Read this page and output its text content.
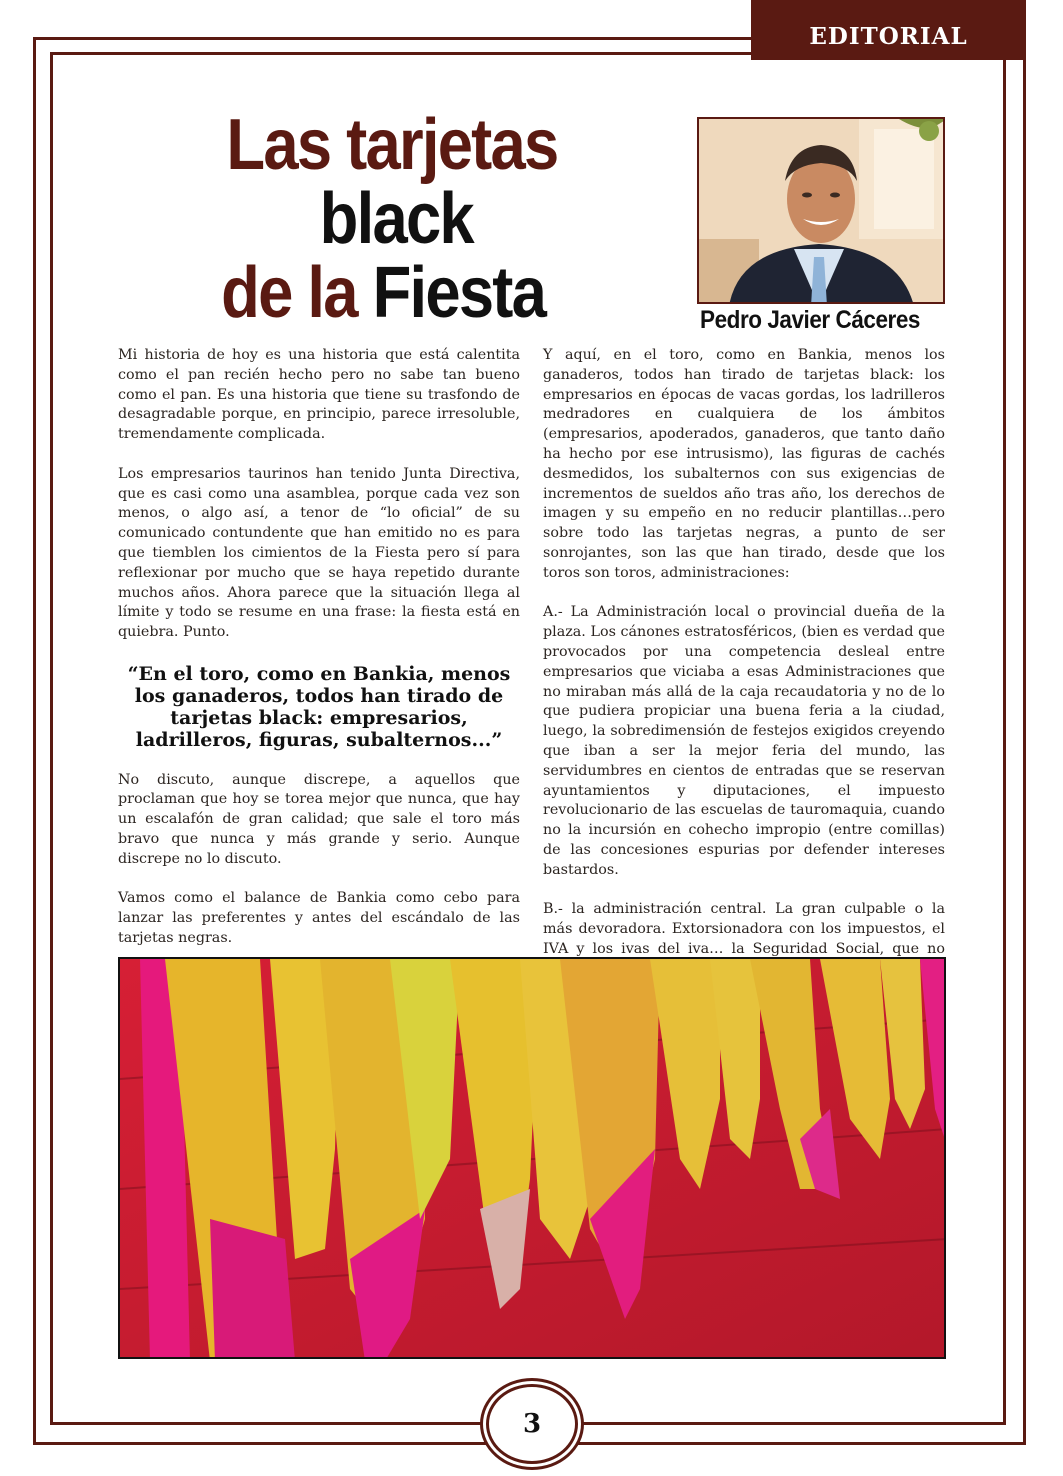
EDITORIAL
Las tarjetas
black
de la Fiesta	Pedro Javier Cáceres

Mi historia de hoy es una historia que está calentita como el pan recién hecho pero no sabe tan bueno como el pan. Es una historia que tiene su trasfondo de desagradable porque, en principio, parece irresoluble, tremendamente complicada.

Los empresarios taurinos han tenido Junta Directiva, que es casi como una asamblea, porque cada vez son menos, o algo así, a tenor de “lo oficial” de su comunicado contundente que han emitido no es para que tiemblen los cimientos de la Fiesta pero sí para reflexionar por mucho que se haya repetido durante muchos años. Ahora parece que la situación llega al límite y todo se resume en una frase: la fiesta está en quiebra. Punto.

“En el toro, como en Bankia, menos los ganaderos, todos han tirado de tarjetas black: empresarios, ladrilleros, figuras, subalternos...”

No discuto, aunque discrepe, a aquellos que proclaman que hoy se torea mejor que nunca, que hay un escalafón de gran calidad; que sale el toro más bravo que nunca y más grande y serio. Aunque discrepe no lo discuto.

Vamos como el balance de Bankia como cebo para lanzar las preferentes y antes del escándalo de las tarjetas negras.

Y aquí, en el toro, como en Bankia, menos los ganaderos, todos han tirado de tarjetas black: los empresarios en épocas de vacas gordas, los ladrilleros medradores en cualquiera de los ámbitos (empresarios, apoderados, ganaderos, que tanto daño ha hecho por ese intrusismo), las figuras de cachés desmedidos, los subalternos con sus exigencias de incrementos de sueldos año tras año, los derechos de imagen y su empeño en no reducir plantillas…pero sobre todo las tarjetas negras, a punto de ser sonrojantes, son las que han tirado, desde que los toros son toros, administraciones:

A.- La Administración local o provincial dueña de la plaza. Los cánones estratosféricos, (bien es verdad que provocados por una competencia desleal entre empresarios que viciaba a esas Administraciones que no miraban más allá de la caja recaudatoria y no de lo que pudiera propiciar una buena feria a la ciudad, luego, la sobredimensión de festejos exigidos creyendo que iban a ser la mejor feria del mundo, las servidumbres en cientos de entradas que se reservan ayuntamientos y diputaciones, el impuesto revolucionario de las escuelas de tauromaquia, cuando no la incursión en cohecho impropio (entre comillas) de las concesiones espurias por defender intereses bastardos.

B.- la administración central. La gran culpable o la más devoradora. Extorsionadora con los impuestos, el IVA y los ivas del iva… la Seguridad Social, que no

3
